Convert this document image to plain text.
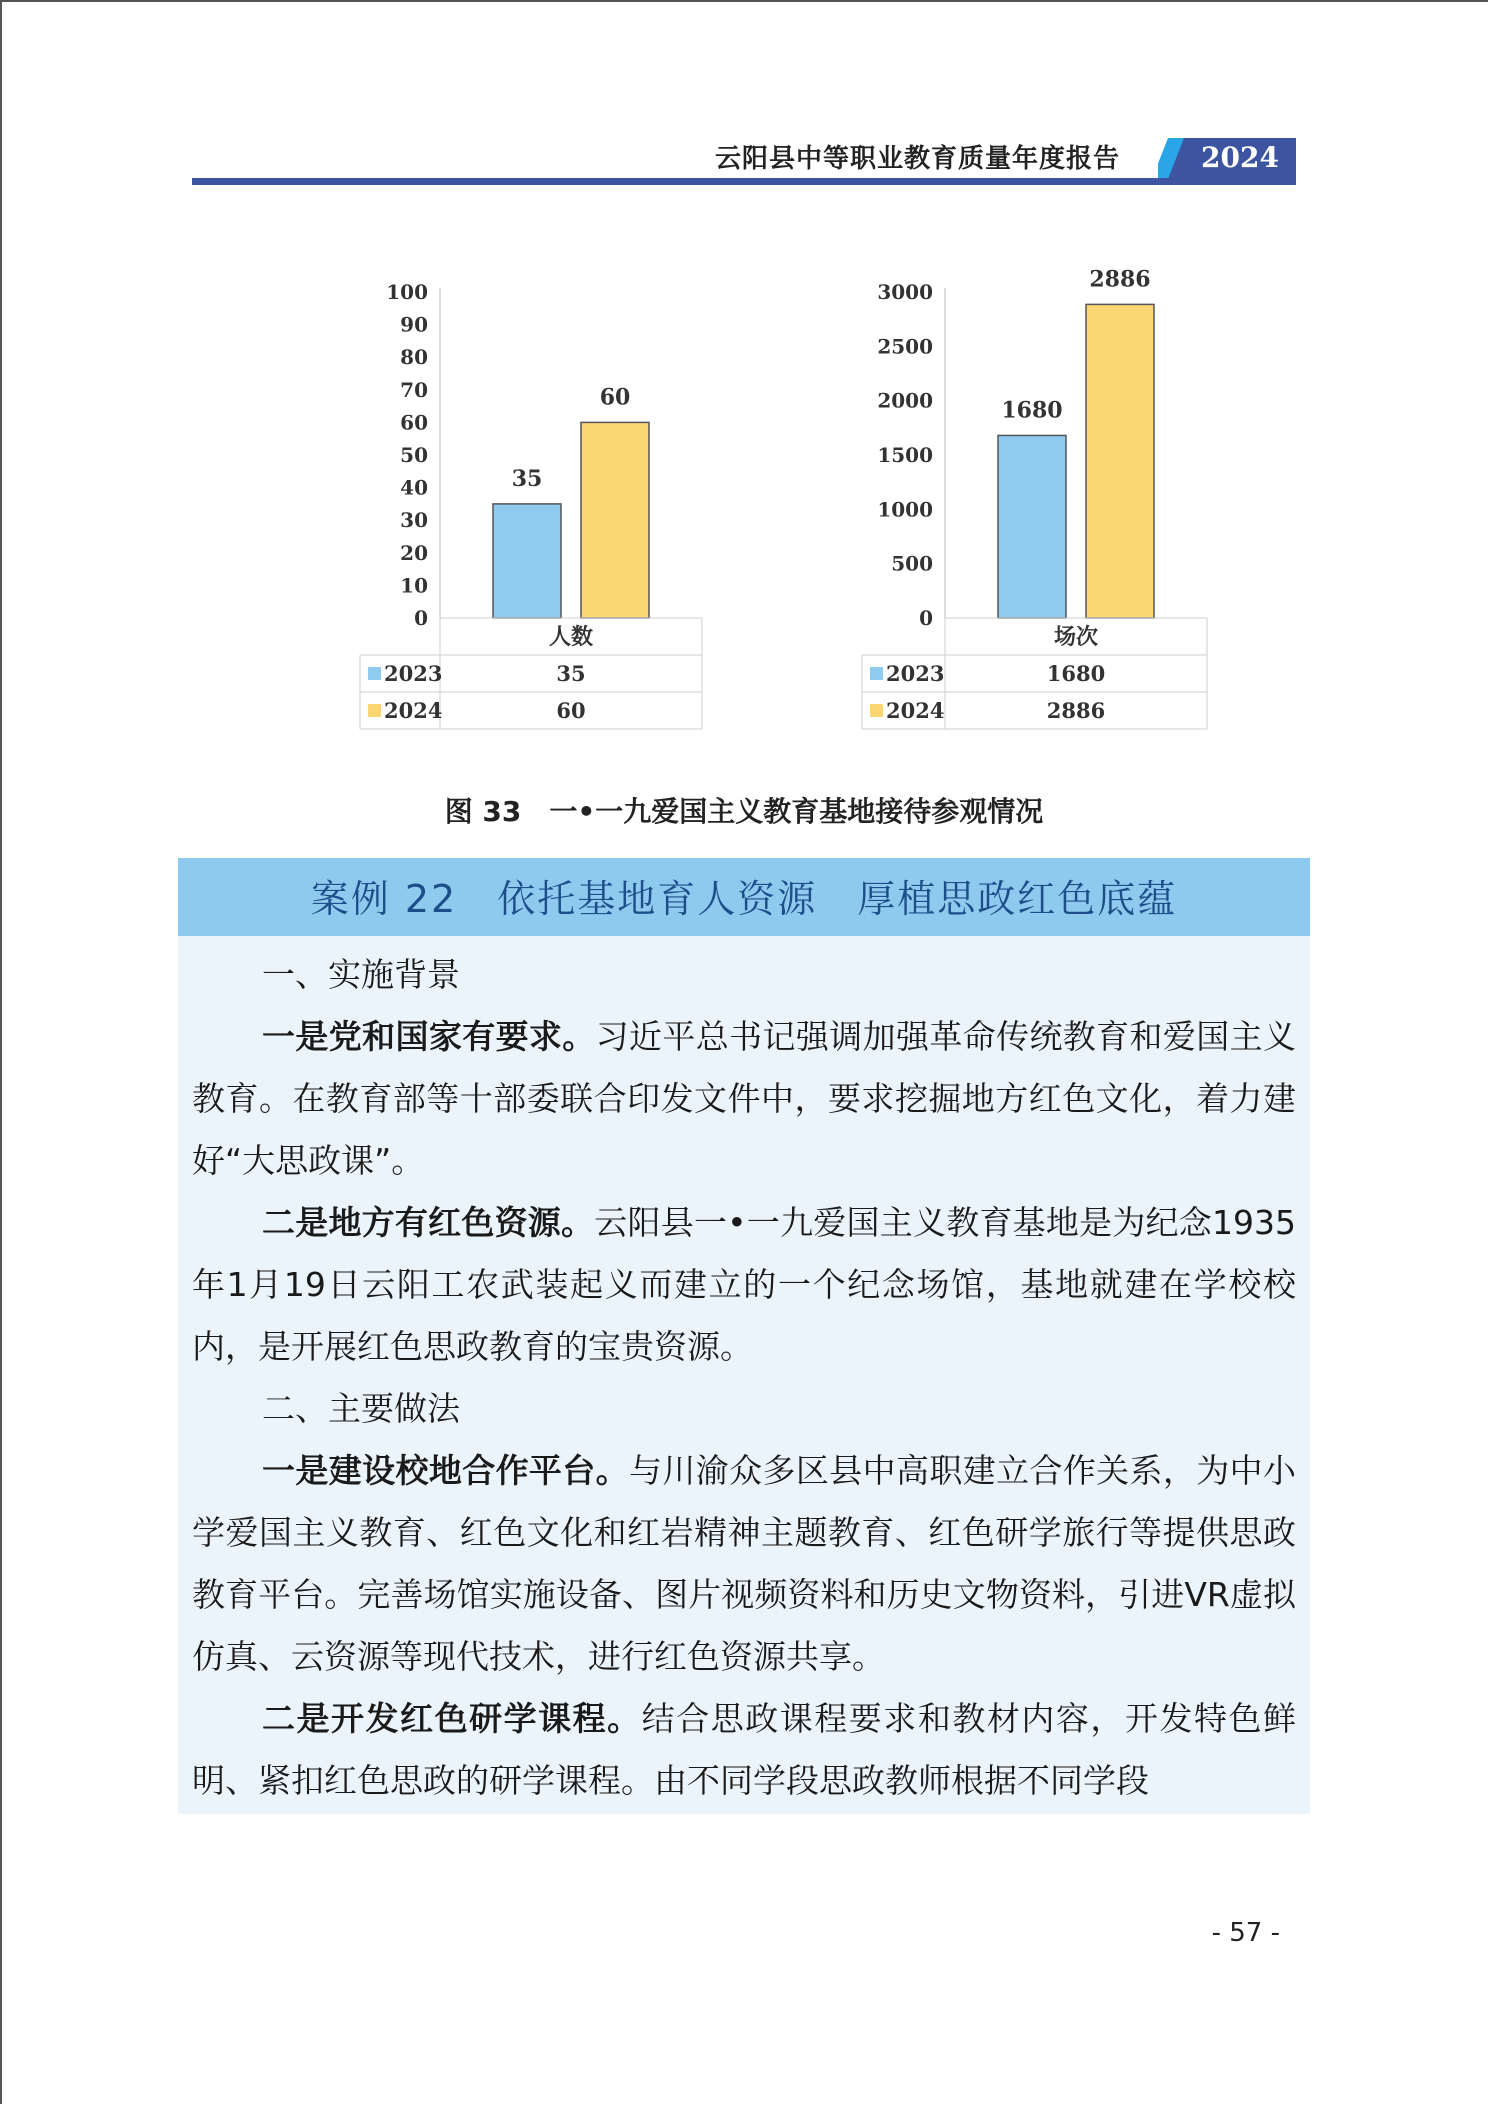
云阳县中等职业教育质量年度报告	2024
0
10
20
30
40
50
60
70
80
90
100
35
60
人数
2023	35
2024	60
0
500
1000
1500
2000
2500
3000
1680
2886
场次
2023	1680
2024	2886
图 33　一•一九爱国主义教育基地接待参观情况
案例 22　依托基地育人资源　厚植思政红色底蕴
一、实施背景
一是党和国家有要求。习近平总书记强调加强革命传统教育和爱国主义教育。在教育部等十部委联合印发文件中，要求挖掘地方红色文化，着力建好“大思政课”。
二是地方有红色资源。云阳县一•一九爱国主义教育基地是为纪念1935年1月19日云阳工农武装起义而建立的一个纪念场馆，基地就建在学校校内，是开展红色思政教育的宝贵资源。
二、主要做法
一是建设校地合作平台。与川渝众多区县中高职建立合作关系，为中小学爱国主义教育、红色文化和红岩精神主题教育、红色研学旅行等提供思政教育平台。完善场馆实施设备、图片视频资料和历史文物资料，引进VR虚拟仿真、云资源等现代技术，进行红色资源共享。
二是开发红色研学课程。结合思政课程要求和教材内容，开发特色鲜明、紧扣红色思政的研学课程。由不同学段思政教师根据不同学段
- 57 -
